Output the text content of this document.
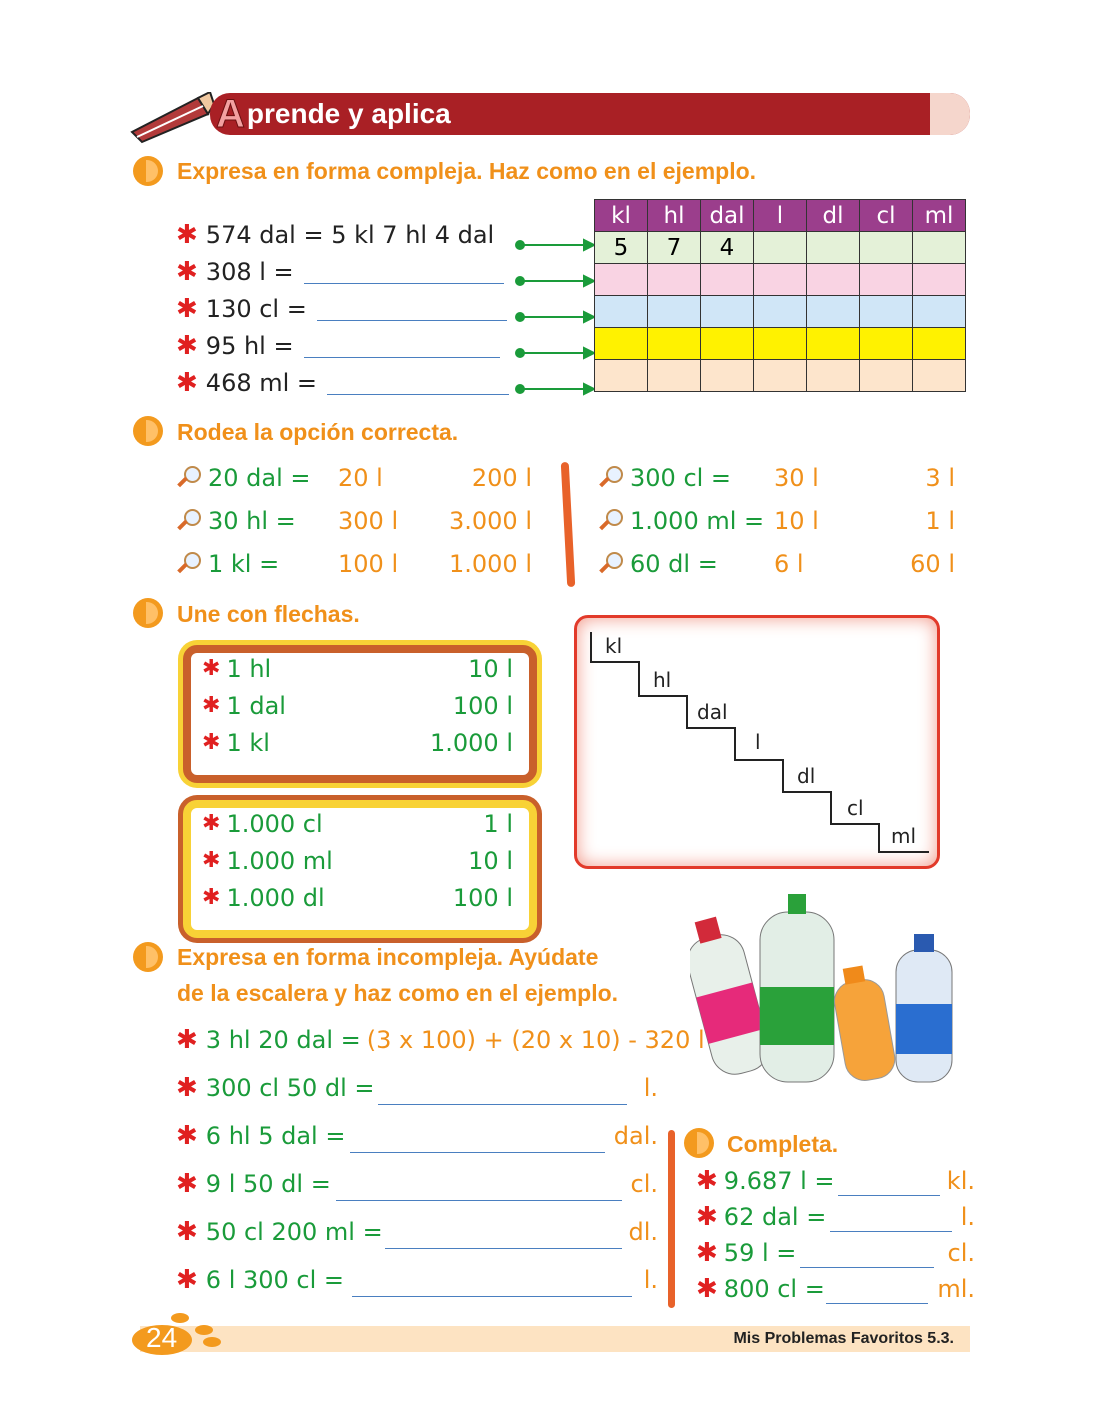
A prende y aplica
Expresa en forma compleja. Haz como en el ejemplo.
✱ 574 dal = 5 kl 7 hl 4 dal
✱ 308 l =
✱ 130 cl =
✱ 95 hl =
✱ 468 ml =
kl	hl	dal	l	dl	cl	ml
5	7	4				

Rodea la opción correcta.
20 dal = 20 l	200 l
30 hl = 300 l 3.000 l
1 kl = 100 l 1.000 l
300 cl = 30 l	3 l
1.000 ml = 10 l	1 l
60 dl = 6 l	60 l
Une con flechas.
✱ 1 hl	10 l
✱ 1 dal	100 l
✱ 1 kl	1.000 l
✱ 1.000 cl	1 l
✱ 1.000 ml	10 l
✱ 1.000 dl	100 l
kl
hl
dal
l
dl
cl
ml
Expresa en forma incompleja. Ayúdate
de la escalera y haz como en el ejemplo.
✱ 3 hl 20 dal = (3 x 100) + (20 x 10) - 320 l
✱ 300 cl 50 dl =	l.
✱ 6 hl 5 dal =	dal.
✱ 9 l 50 dl =	cl.
✱ 50 cl 200 ml =	dl.
✱ 6 l 300 cl =	l.
Completa.
✱ 9.687 l =	kl.
✱ 62 dal =	l.
✱ 59 l =	cl.
✱ 800 cl =	ml.
24	Mis Problemas Favoritos 5.3.
